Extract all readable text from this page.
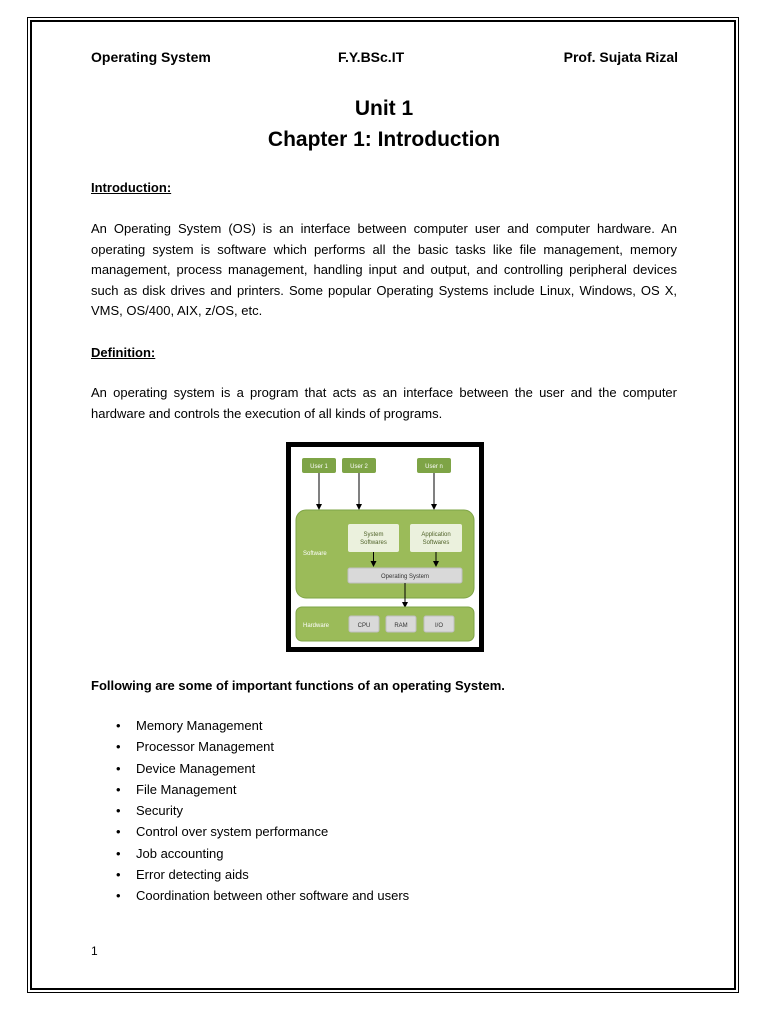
Operating System	F.Y.BSc.IT	Prof. Sujata Rizal
Unit 1
Chapter 1: Introduction
Introduction:

An Operating System (OS) is an interface between computer user and computer hardware. An operating system is software which performs all the basic tasks like file management, memory management, process management, handling input and output, and controlling peripheral devices such as disk drives and printers. Some popular Operating Systems include Linux, Windows, OS X, VMS, OS/400, AIX, z/OS, etc.

Definition:

An operating system is a program that acts as an interface between the user and the computer hardware and controls the execution of all kinds of programs.

User 1	User 2	User n
Software
System
Softwares
Application
Softwares
Operating System
Hardware	CPU	RAM	I/O
Following are some of important functions of an operating System.
• Memory Management
• Processor Management
• Device Management
• File Management
• Security
• Control over system performance
• Job accounting
• Error detecting aids
• Coordination between other software and users
1
